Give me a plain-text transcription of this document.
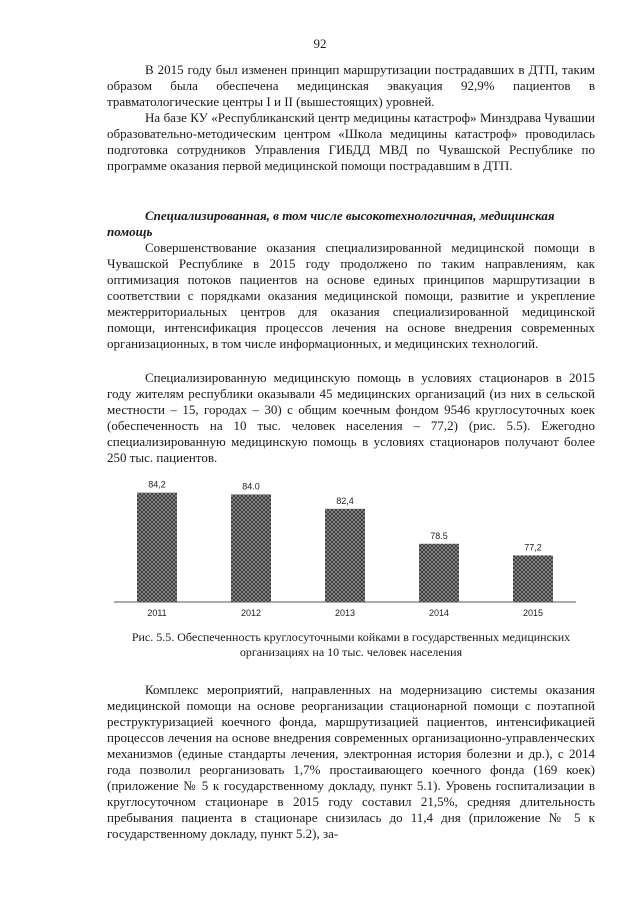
92

В 2015 году был изменен принцип маршрутизации пострадавших в ДТП, таким образом была обеспечена медицинская эвакуация 92,9% пациентов в травматологические центры I и II (вышестоящих) уровней.

На базе КУ «Республиканский центр медицины катастроф» Минздрава Чувашии образовательно-методическим центром «Школа медицины катастроф» проводилась подготовка сотрудников Управления ГИБДД МВД по Чувашской Республике по программе оказания первой медицинской помощи пострадавшим в ДТП.

Специализированная, в том числе высокотехнологичная, медицинская помощь

Совершенствование оказания специализированной медицинской помощи в Чувашской Республике в 2015 году продолжено по таким направлениям, как оптимизация потоков пациентов на основе единых принципов маршрутизации в соответствии с порядками оказания медицинской помощи, развитие и укрепление межтерриториальных центров для оказания специализированной медицинской помощи, интенсификация процессов лечения на основе внедрения современных организационных, в том числе информационных, и медицинских технологий.

Специализированную медицинскую помощь в условиях стационаров в 2015 году жителям республики оказывали 45 медицинских организаций (из них в сельской местности – 15, городах – 30) с общим коечным фондом 9546 круглосуточных коек (обеспеченность на 10 тыс. человек населения – 77,2) (рис. 5.5). Ежегодно специализированную медицинскую помощь в условиях стационаров получают более 250 тыс. пациентов.

84,2
2011
84.0
2012
82,4
2013
78.5
2014
77,2
2015
Рис. 5.5. Обеспеченность круглосуточными койками в государственных медицинских организациях на 10 тыс. человек населения

Комплекс мероприятий, направленных на модернизацию системы оказания медицинской помощи на основе реорганизации стационарной помощи с поэтапной реструктуризацией коечного фонда, маршрутизацией пациентов, интенсификацией процессов лечения на основе внедрения современных организационно-управленческих механизмов (единые стандарты лечения, электронная история болезни и др.), с 2014 года позволил реорганизовать 1,7% простаивающего коечного фонда (169 коек) (приложение № 5 к государственному докладу, пункт 5.1). Уровень госпитализации в круглосуточном стационаре в 2015 году составил 21,5%, средняя длительность пребывания пациента в стационаре снизилась до 11,4 дня (приложение № 5 к государственному докладу, пункт 5.2), за-
